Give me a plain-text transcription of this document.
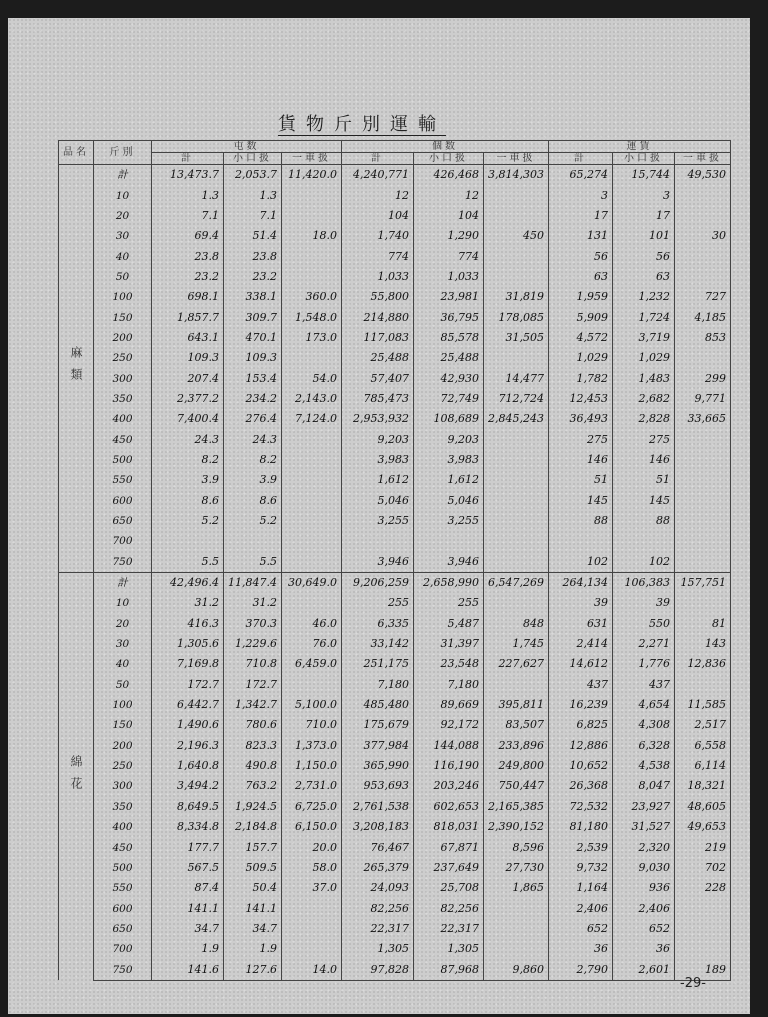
貨物斤別運輸
品名	斤別	屯数			個数			運賃		
		計	小口扱	一車扱	計	小口扱	一車扱	計	小口扱	一車扱
麻類	計	13,473.7	2,053.7	11,420.0	4,240,771	426,468	3,814,303	65,274	15,744	49,530
	10	1.3	1.3		12	12		3	3	
	20	7.1	7.1		104	104		17	17	
	30	69.4	51.4	18.0	1,740	1,290	450	131	101	30
	40	23.8	23.8		774	774		56	56	
	50	23.2	23.2		1,033	1,033		63	63	
	100	698.1	338.1	360.0	55,800	23,981	31,819	1,959	1,232	727
	150	1,857.7	309.7	1,548.0	214,880	36,795	178,085	5,909	1,724	4,185
	200	643.1	470.1	173.0	117,083	85,578	31,505	4,572	3,719	853
	250	109.3	109.3		25,488	25,488		1,029	1,029	
	300	207.4	153.4	54.0	57,407	42,930	14,477	1,782	1,483	299
	350	2,377.2	234.2	2,143.0	785,473	72,749	712,724	12,453	2,682	9,771
	400	7,400.4	276.4	7,124.0	2,953,932	108,689	2,845,243	36,493	2,828	33,665
	450	24.3	24.3		9,203	9,203		275	275	
	500	8.2	8.2		3,983	3,983		146	146	
	550	3.9	3.9		1,612	1,612		51	51	
	600	8.6	8.6		5,046	5,046		145	145	
	650	5.2	5.2		3,255	3,255		88	88	
	700									
	750	5.5	5.5		3,946	3,946		102	102	
綿花	計	42,496.4	11,847.4	30,649.0	9,206,259	2,658,990	6,547,269	264,134	106,383	157,751
	10	31.2	31.2		255	255		39	39	
	20	416.3	370.3	46.0	6,335	5,487	848	631	550	81
	30	1,305.6	1,229.6	76.0	33,142	31,397	1,745	2,414	2,271	143
	40	7,169.8	710.8	6,459.0	251,175	23,548	227,627	14,612	1,776	12,836
	50	172.7	172.7		7,180	7,180		437	437	
	100	6,442.7	1,342.7	5,100.0	485,480	89,669	395,811	16,239	4,654	11,585
	150	1,490.6	780.6	710.0	175,679	92,172	83,507	6,825	4,308	2,517
	200	2,196.3	823.3	1,373.0	377,984	144,088	233,896	12,886	6,328	6,558
	250	1,640.8	490.8	1,150.0	365,990	116,190	249,800	10,652	4,538	6,114
	300	3,494.2	763.2	2,731.0	953,693	203,246	750,447	26,368	8,047	18,321
	350	8,649.5	1,924.5	6,725.0	2,761,538	602,653	2,165,385	72,532	23,927	48,605
	400	8,334.8	2,184.8	6,150.0	3,208,183	818,031	2,390,152	81,180	31,527	49,653
	450	177.7	157.7	20.0	76,467	67,871	8,596	2,539	2,320	219
	500	567.5	509.5	58.0	265,379	237,649	27,730	9,732	9,030	702
	550	87.4	50.4	37.0	24,093	25,708	1,865	1,164	936	228
	600	141.1	141.1		82,256	82,256		2,406	2,406	
	650	34.7	34.7		22,317	22,317		652	652	
	700	1.9	1.9		1,305	1,305		36	36	
	750	141.6	127.6	14.0	97,828	87,968	9,860	2,790	2,601	189
-29-
